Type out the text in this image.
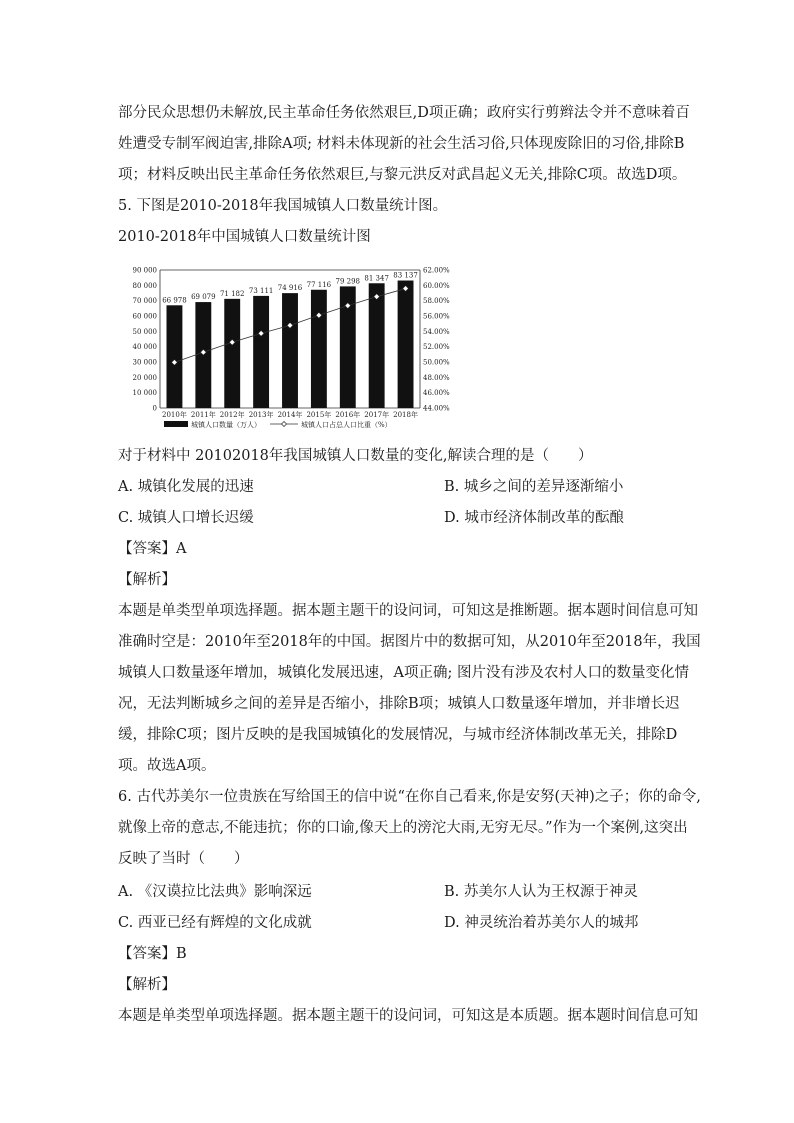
部分民众思想仍未解放,民主革命任务依然艰巨,D项正确；政府实行剪辫法令并不意味着百
姓遭受专制军阀迫害,排除A项; 材料未体现新的社会生活习俗,只体现废除旧的习俗,排除B
项；材料反映出民主革命任务依然艰巨,与黎元洪反对武昌起义无关,排除C项。故选D项。
5. 下图是2010-2018年我国城镇人口数量统计图。
2010-2018年中国城镇人口数量统计图
0
10 000
20 000
30 000
40 000
50 000
60 000
70 000
80 000
90 000
44.00%
46.00%
48.00%
50.00%
52.00%
54.00%
56.00%
58.00%
60.00%
62.00%
66 978
2010年
69 079
2011年
71 182
2012年
73 111
2013年
74 916
2014年
77 116
2015年
79 298
2016年
81 347
2017年
83 137
2018年
城镇人口数量（万人）	城镇人口占总人口比重（%）
对于材料中 20102018年我国城镇人口数量的变化,解读合理的是（　　）
A. 城镇化发展的迅速	B. 城乡之间的差异逐渐缩小
C. 城镇人口增长迟缓	D. 城市经济体制改革的酝酿
【答案】A
【解析】
本题是单类型单项选择题。据本题主题干的设问词，可知这是推断题。据本题时间信息可知
准确时空是：2010年至2018年的中国。据图片中的数据可知，从2010年至2018年，我国
城镇人口数量逐年增加，城镇化发展迅速，A项正确; 图片没有涉及农村人口的数量变化情
况，无法判断城乡之间的差异是否缩小，排除B项；城镇人口数量逐年增加，并非增长迟
缓，排除C项；图片反映的是我国城镇化的发展情况，与城市经济体制改革无关，排除D
项。故选A项。
6. 古代苏美尔一位贵族在写给国王的信中说“在你自己看来,你是安努(天神)之子；你的命令,
就像上帝的意志,不能违抗；你的口谕,像天上的滂沱大雨,无穷无尽。”作为一个案例,这突出
反映了当时（　　）
A. 《汉谟拉比法典》影响深远	B. 苏美尔人认为王权源于神灵
C. 西亚已经有辉煌的文化成就	D. 神灵统治着苏美尔人的城邦
【答案】B
【解析】
本题是单类型单项选择题。据本题主题干的设问词，可知这是本质题。据本题时间信息可知
